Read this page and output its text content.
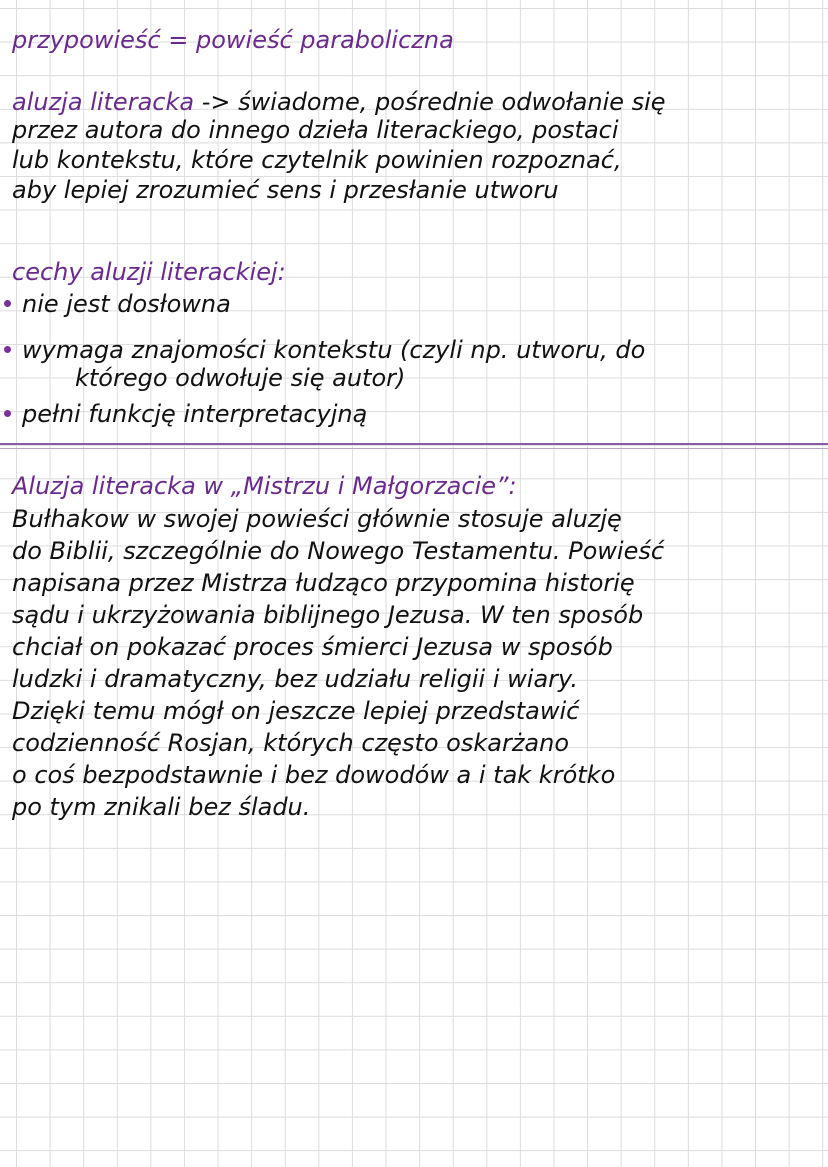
przypowieść = powieść paraboliczna
aluzja literacka -> świadome, pośrednie odwołanie się
przez autora do innego dzieła literackiego, postaci
lub kontekstu, które czytelnik powinien rozpoznać,
aby lepiej zrozumieć sens i przesłanie utworu
cechy aluzji literackiej:
nie jest dosłowna
wymaga znajomości kontekstu (czyli np. utworu, do
którego odwołuje się autor)
pełni funkcję interpretacyjną
Aluzja literacka w „Mistrzu i Małgorzacie”:
Bułhakow w swojej powieści głównie stosuje aluzję
do Biblii, szczególnie do Nowego Testamentu. Powieść
napisana przez Mistrza łudząco przypomina historię
sądu i ukrzyżowania biblijnego Jezusa. W ten sposób
chciał on pokazać proces śmierci Jezusa w sposób
ludzki i dramatyczny, bez udziału religii i wiary.
Dzięki temu mógł on jeszcze lepiej przedstawić
codzienność Rosjan, których często oskarżano
o coś bezpodstawnie i bez dowodów a i tak krótko
po tym znikali bez śladu.
